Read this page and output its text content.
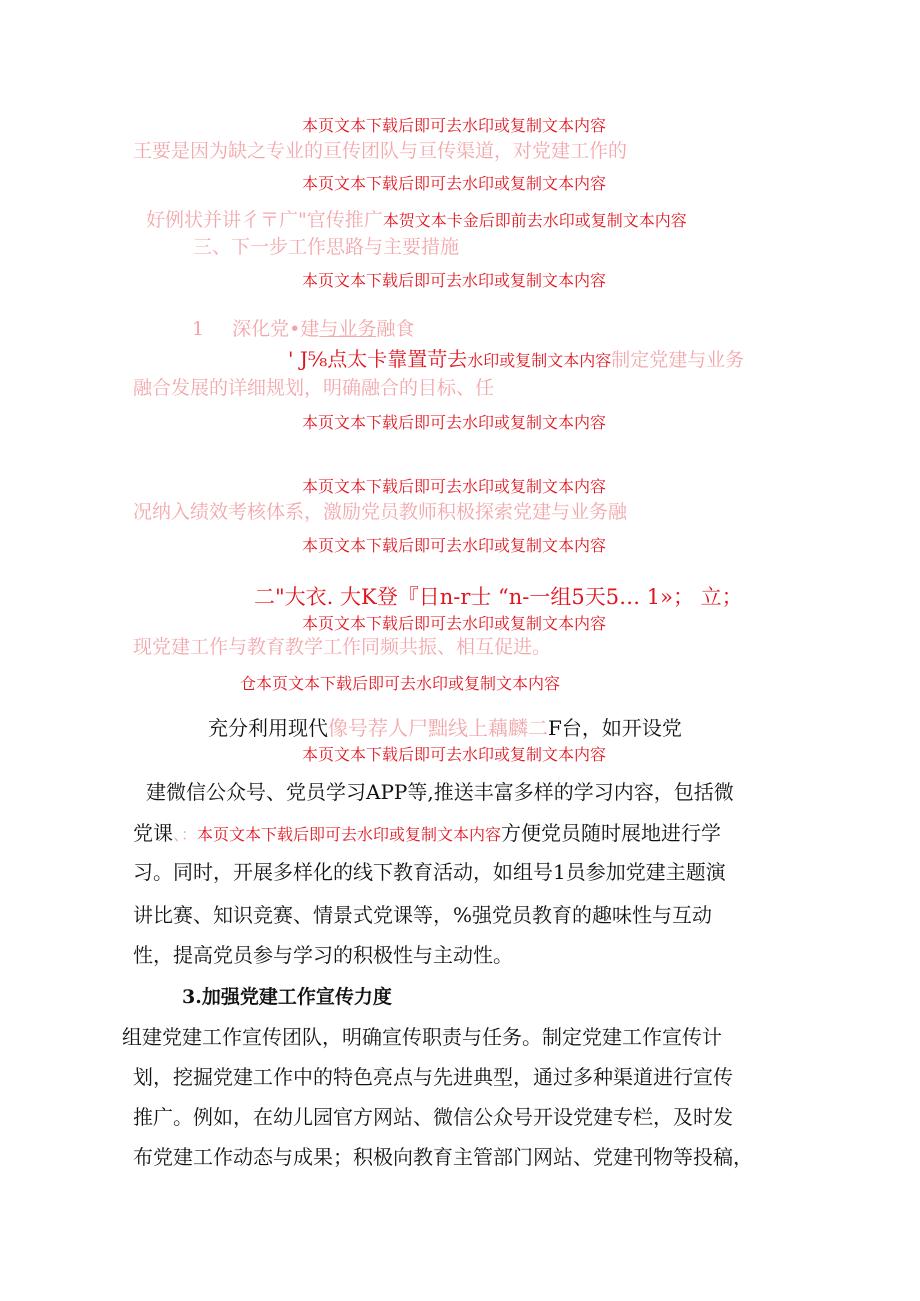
本页文本下载后即可去水印或复制文本内容
王要是因为缺之专业的亘传团队与亘传渠道，对党建工作的
本页文本下载后即可去水印或复制文本内容
好例状并讲彳〒广"官传推广本贺文本卡金后即前去水印或复制文本内容
三、下一步工作思路与主要措施
本页文本下载后即可去水印或复制文本内容
1 深化党•建与业务融食
' J⅝点太卡靠置苛去水印或复制文本内容制定党建与业务
融合发展的详细规划，明确融合的目标、任
本页文本下载后即可去水印或复制文本内容
本页文本下载后即可去水印或复制文本内容
况纳入绩效考核体系，激励党员教师积极探索党建与业务融
本页文本下载后即可去水印或复制文本内容
二"大衣. 大K登『日n-r士 “n-一组5天5… 1»； 立；
本页文本下载后即可去水印或复制文本内容
现党建工作与教育教学工作同频共振、相互促进。
仓本页文本下载后即可去水印或复制文本内容
充分利用现代像号荐人尸黜线上藕麟二F台，如开设党
本页文本下载后即可去水印或复制文本内容
建微信公众号、党员学习APP等,推送丰富多样的学习内容，包括微
党课、：本页文本下载后即可去水印或复制文本内容方便党员随时展地进行学
习。同时，开展多样化的线下教育活动，如组号1员参加党建主题演
讲比赛、知识竞赛、情景式党课等，%强党员教育的趣味性与互动
性，提高党员参与学习的积极性与主动性。
3.加强党建工作宣传力度
组建党建工作宣传团队，明确宣传职责与任务。制定党建工作宣传计
划，挖掘党建工作中的特色亮点与先进典型，通过多种渠道进行宣传
推广。例如，在幼儿园官方网站、微信公众号开设党建专栏，及时发
布党建工作动态与成果；积极向教育主管部门网站、党建刊物等投稿，
